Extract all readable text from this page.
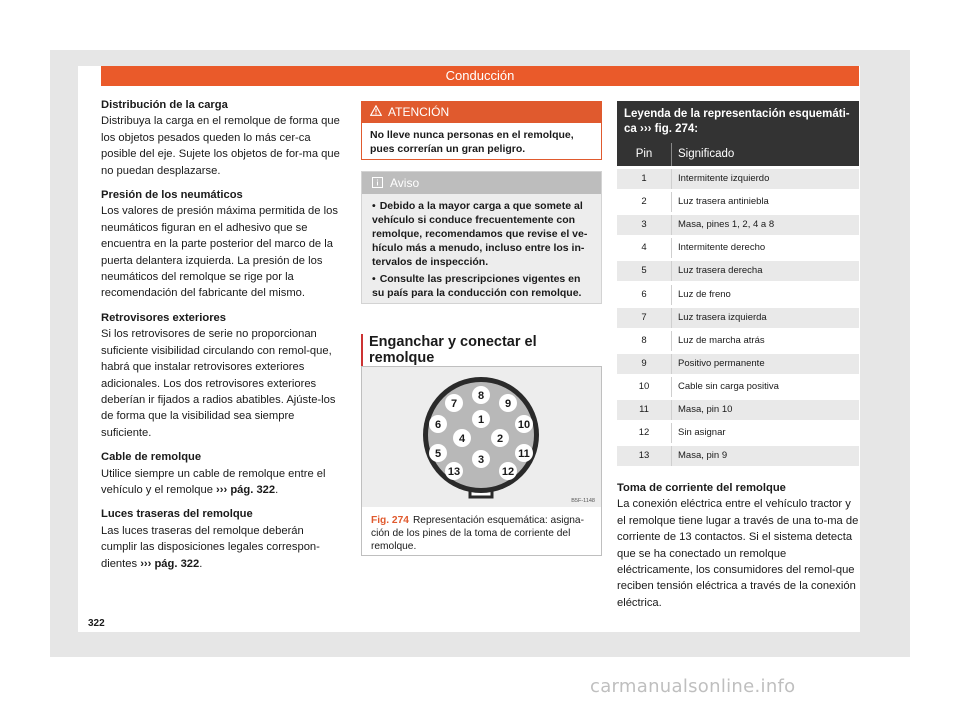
Conducción

Distribución de la carga

Distribuya la carga en el remolque de forma que los objetos pesados queden lo más cer-ca posible del eje. Sujete los objetos de for-ma que no puedan desplazarse.

Presión de los neumáticos

Los valores de presión máxima permitida de los neumáticos figuran en el adhesivo que se encuentra en la parte posterior del marco de la puerta delantera izquierda. La presión de los neumáticos del remolque se rige por la recomendación del fabricante del mismo.

Retrovisores exteriores

Si los retrovisores de serie no proporcionan suficiente visibilidad circulando con remol-que, habrá que instalar retrovisores exteriores adicionales. Los dos retrovisores exteriores deberían ir fijados a radios abatibles. Ajúste-los de forma que la visibilidad sea siempre suficiente.

Cable de remolque

Utilice siempre un cable de remolque entre el vehículo y el remolque ››› pág. 322.

Luces traseras del remolque

Las luces traseras del remolque deberán cumplir las disposiciones legales correspon-dientes ››› pág. 322.

322
ATENCIÓN
No lleve nunca personas en el remolque, pues correrían un gran peligro.
Aviso
• Debido a la mayor carga a que somete al vehículo si conduce frecuentemente con remolque, recomendamos que revise el ve-hículo más a menudo, incluso entre los in-tervalos de inspección.
• Consulte las prescripciones vigentes en su país para la conducción con remolque.
Enganchar y conectar el remolque
1
2
3
4
5
6
7
8
9
10
11
12
13
B5F-1148
Fig. 274 Representación esquemática: asigna-ción de los pines de la toma de corriente del remolque.
Leyenda de la representación esquemáti-ca ››› fig. 274:
Pin	Significado
1	Intermitente izquierdo
2	Luz trasera antiniebla
3	Masa, pines 1, 2, 4 a 8
4	Intermitente derecho
5	Luz trasera derecha
6	Luz de freno
7	Luz trasera izquierda
8	Luz de marcha atrás
9	Positivo permanente
10	Cable sin carga positiva
11	Masa, pin 10
12	Sin asignar
13	Masa, pin 9

Toma de corriente del remolque

La conexión eléctrica entre el vehículo tractor y el remolque tiene lugar a través de una to-ma de corriente de 13 contactos. Si el sistema detecta que se ha conectado un remolque eléctricamente, los consumidores del remol-que reciben tensión eléctrica a través de la conexión eléctrica.

carmanualsonline.info
